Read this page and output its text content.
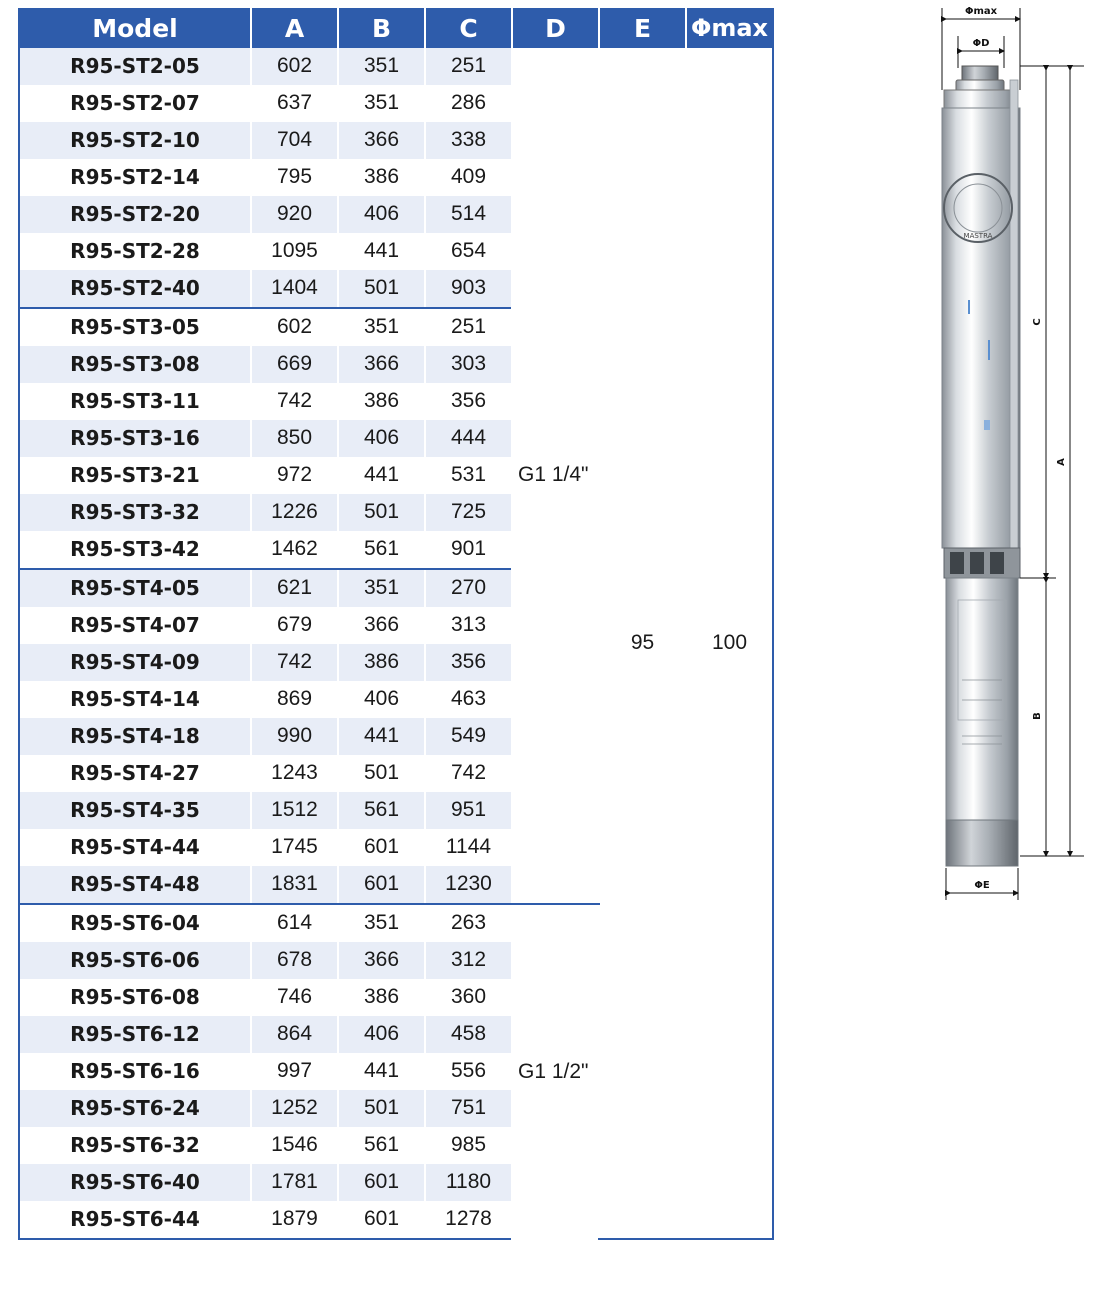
Model	A	B	C	D	E	Φmax
R95-ST2-05	602	351	251	G1 1/4"	95	100
R95-ST2-07	637	351	286			
R95-ST2-10	704	366	338			
R95-ST2-14	795	386	409			
R95-ST2-20	920	406	514			
R95-ST2-28	1095	441	654			
R95-ST2-40	1404	501	903			
R95-ST3-05	602	351	251			
R95-ST3-08	669	366	303			
R95-ST3-11	742	386	356			
R95-ST3-16	850	406	444			
R95-ST3-21	972	441	531			
R95-ST3-32	1226	501	725			
R95-ST3-42	1462	561	901			
R95-ST4-05	621	351	270			
R95-ST4-07	679	366	313			
R95-ST4-09	742	386	356			
R95-ST4-14	869	406	463			
R95-ST4-18	990	441	549			
R95-ST4-27	1243	501	742			
R95-ST4-35	1512	561	951			
R95-ST4-44	1745	601	1144			
R95-ST4-48	1831	601	1230			
R95-ST6-04	614	351	263	G1 1/2"		
R95-ST6-06	678	366	312			
R95-ST6-08	746	386	360			
R95-ST6-12	864	406	458			
R95-ST6-16	997	441	556			
R95-ST6-24	1252	501	751			
R95-ST6-32	1546	561	985			
R95-ST6-40	1781	601	1180			
R95-ST6-44	1879	601	1278			
Φmax
ΦD
MASTRA
ΦE
C
A
B
